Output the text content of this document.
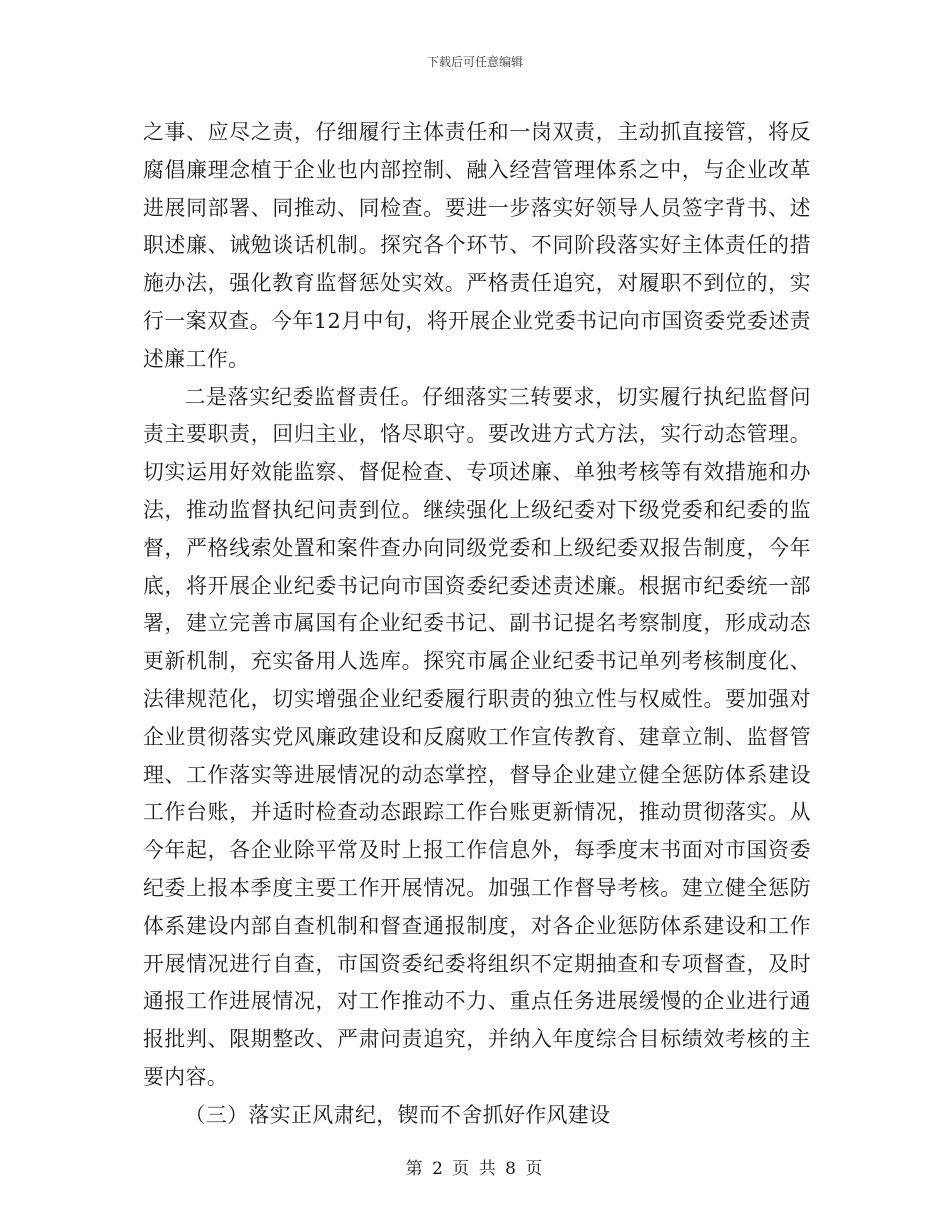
下载后可任意编辑

之事、应尽之责，仔细履行主体责任和一岗双责，主动抓直接管，将反腐倡廉理念植于企业也内部控制、融入经营管理体系之中，与企业改革进展同部署、同推动、同检查。要进一步落实好领导人员签字背书、述职述廉、诫勉谈话机制。探究各个环节、不同阶段落实好主体责任的措施办法，强化教育监督惩处实效。严格责任追究，对履职不到位的，实行一案双查。今年12月中旬，将开展企业党委书记向市国资委党委述责述廉工作。

二是落实纪委监督责任。仔细落实三转要求，切实履行执纪监督问责主要职责，回归主业，恪尽职守。要改进方式方法，实行动态管理。切实运用好效能监察、督促检查、专项述廉、单独考核等有效措施和办法，推动监督执纪问责到位。继续强化上级纪委对下级党委和纪委的监督，严格线索处置和案件查办向同级党委和上级纪委双报告制度，今年底，将开展企业纪委书记向市国资委纪委述责述廉。根据市纪委统一部署，建立完善市属国有企业纪委书记、副书记提名考察制度，形成动态更新机制，充实备用人选库。探究市属企业纪委书记单列考核制度化、法律规范化，切实增强企业纪委履行职责的独立性与权威性。要加强对企业贯彻落实党风廉政建设和反腐败工作宣传教育、建章立制、监督管理、工作落实等进展情况的动态掌控，督导企业建立健全惩防体系建设工作台账，并适时检查动态跟踪工作台账更新情况，推动贯彻落实。从今年起，各企业除平常及时上报工作信息外，每季度末书面对市国资委纪委上报本季度主要工作开展情况。加强工作督导考核。建立健全惩防体系建设内部自查机制和督查通报制度，对各企业惩防体系建设和工作开展情况进行自查，市国资委纪委将组织不定期抽查和专项督查，及时通报工作进展情况，对工作推动不力、重点任务进展缓慢的企业进行通报批判、限期整改、严肃问责追究，并纳入年度综合目标绩效考核的主要内容。

（三）落实正风肃纪，锲而不舍抓好作风建设

第 2 页 共 8 页
